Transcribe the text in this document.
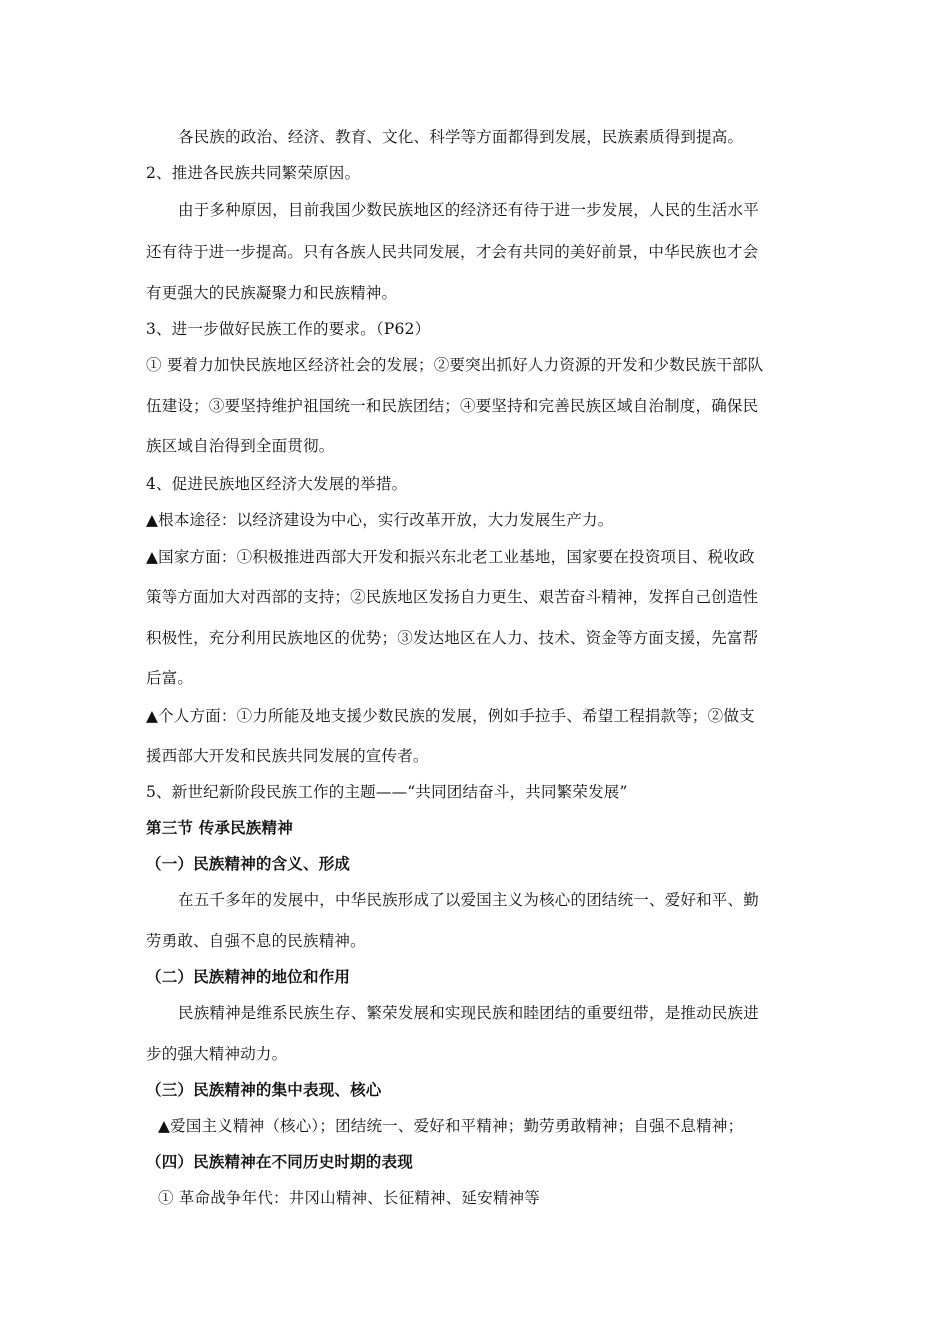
各民族的政治、经济、教育、文化、科学等方面都得到发展，民族素质得到提高。
2、推进各民族共同繁荣原因。
由于多种原因，目前我国少数民族地区的经济还有待于进一步发展，人民的生活水平
还有待于进一步提高。只有各族人民共同发展，才会有共同的美好前景，中华民族也才会
有更强大的民族凝聚力和民族精神。
3、进一步做好民族工作的要求。（P62）
① 要着力加快民族地区经济社会的发展；②要突出抓好人力资源的开发和少数民族干部队
伍建设；③要坚持维护祖国统一和民族团结；④要坚持和完善民族区域自治制度，确保民
族区域自治得到全面贯彻。
4、促进民族地区经济大发展的举措。
▲根本途径：以经济建设为中心，实行改革开放，大力发展生产力。
▲国家方面：①积极推进西部大开发和振兴东北老工业基地，国家要在投资项目、税收政
策等方面加大对西部的支持；②民族地区发扬自力更生、艰苦奋斗精神，发挥自己创造性
积极性，充分利用民族地区的优势；③发达地区在人力、技术、资金等方面支援，先富帮
后富。
▲个人方面：①力所能及地支援少数民族的发展，例如手拉手、希望工程捐款等；②做支
援西部大开发和民族共同发展的宣传者。
5、新世纪新阶段民族工作的主题——“共同团结奋斗，共同繁荣发展”
第三节 传承民族精神
（一）民族精神的含义、形成
在五千多年的发展中，中华民族形成了以爱国主义为核心的团结统一、爱好和平、勤
劳勇敢、自强不息的民族精神。
（二）民族精神的地位和作用
民族精神是维系民族生存、繁荣发展和实现民族和睦团结的重要纽带，是推动民族进
步的强大精神动力。
（三）民族精神的集中表现、核心
▲爱国主义精神（核心）；团结统一、爱好和平精神；勤劳勇敢精神；自强不息精神；
（四）民族精神在不同历史时期的表现
① 革命战争年代：井冈山精神、长征精神、延安精神等
